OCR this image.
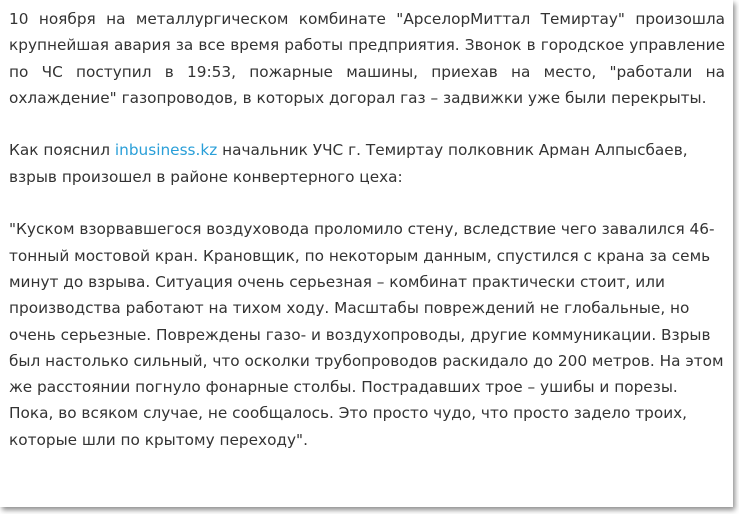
10 ноября на металлургическом комбинате "АрселорМиттал Темиртау" произошла крупнейшая авария за все время работы предприятия. Звонок в городское управление по ЧС поступил в 19:53, пожарные машины, приехав на место, "работали на охлаждение" газопроводов, в которых догорал газ – задвижки уже были перекрыты.

Как пояснил inbusiness.kz начальник УЧС г. Темиртау полковник Арман Алпысбаев, взрыв произошел в районе конвертерного цеха:

"Куском взорвавшегося воздуховода проломило стену, вследствие чего завалился 46-тонный мостовой кран. Крановщик, по некоторым данным, спустился с крана за семь минут до взрыва. Ситуация очень серьезная – комбинат практически стоит, или производства работают на тихом ходу. Масштабы повреждений не глобальные, но очень серьезные. Повреждены газо- и воздухопроводы, другие коммуникации. Взрыв был настолько сильный, что осколки трубопроводов раскидало до 200 метров. На этом же расстоянии погнуло фонарные столбы. Пострадавших трое – ушибы и порезы. Пока, во всяком случае, не сообщалось. Это просто чудо, что просто задело троих, которые шли по крытому переходу".
